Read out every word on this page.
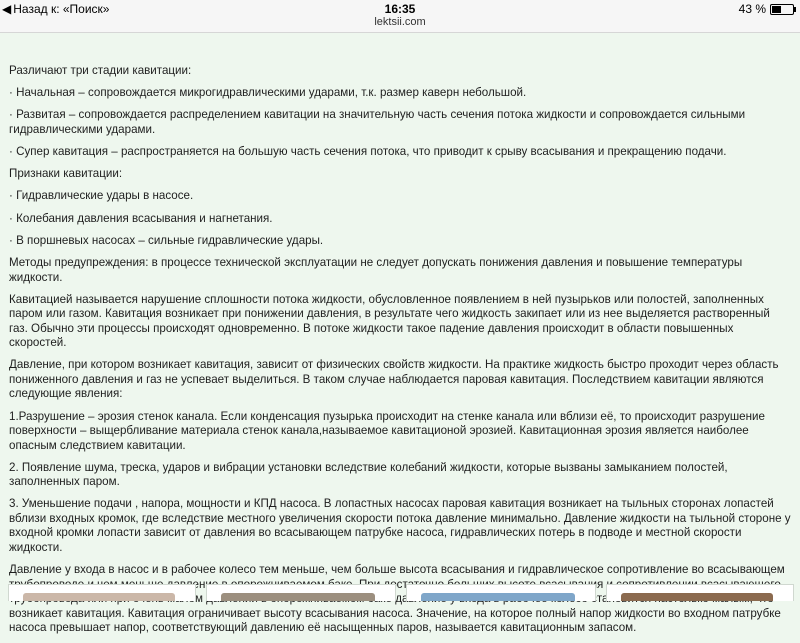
◀ Назад к: «Поиск»	16:35
lektsii.com
43 %

Различают три стадии кавитации:

· Начальная – сопровождается микрогидравлическими ударами, т.к. размер каверн небольшой.

· Развитая – сопровождается распределением кавитации на значительную часть сечения потока жидкости и сопровождается сильными гидравлическими ударами.

· Супер кавитация – распространяется на большую часть сечения потока, что приводит к срыву всасывания и прекращению подачи.

Признаки кавитации:

· Гидравлические удары в насосе.

· Колебания давления всасывания и нагнетания.

· В поршневых насосах – сильные гидравлические удары.

Методы предупреждения: в процессе технической эксплуатации не следует допускать понижения давления и повышение температуры жидкости.

Кавитацией называется нарушение сплошности потока жидкости, обусловленное появлением в ней пузырьков или полостей, заполненных паром или газом. Кавитация возникает при понижении давления, в результате чего жидкость закипает или из нее выделяется растворенный газ. Обычно эти процессы происходят одновременно. В потоке жидкости такое падение давления происходит в области повышенных скоростей.

Давление, при котором возникает кавитация, зависит от физических свойств жидкости. На практике жидкость быстро проходит через область пониженного давления и газ не успевает выделиться. В таком случае наблюдается паровая кавитация. Последствием кавитации являются следующие явления:

1.Разрушение – эрозия стенок канала. Если конденсация пузырька происходит на стенке канала или вблизи её, то происходит разрушение поверхности – выщербливание материала стенок канала,называемое кавитационой эрозией. Кавитационная эрозия является наиболее опасным следствием кавитации.

2. Появление шума, треска, ударов и вибрации установки вследствие колебаний жидкости, которые вызваны замыканием полостей, заполненных паром.

3. Уменьшение подачи , напора, мощности и КПД насоса. В лопастных насосах паровая кавитация возникает на тыльных сторонах лопастей вблизи входных кромок, где вследствие местного увеличения скорости потока давление минимально. Давление жидкости на тыльной стороне у входной кромки лопасти зависит от давления во всасывающем патрубке насоса, гидравлических потерь в подводе и местной скорости жидкости.

Давление у входа в насос и в рабочее колесо тем меньше, чем больше высота всасывания и гидравлическое сопротивление во всасывающем возникает кавитация. Кавитация ограничивает высоту всасывания насоса. Значение, на которое полный напор жидкости во входном патрубке насоса превышает напор, соответствующий давлению её насыщенных паров, называется кавитационным запасом.
